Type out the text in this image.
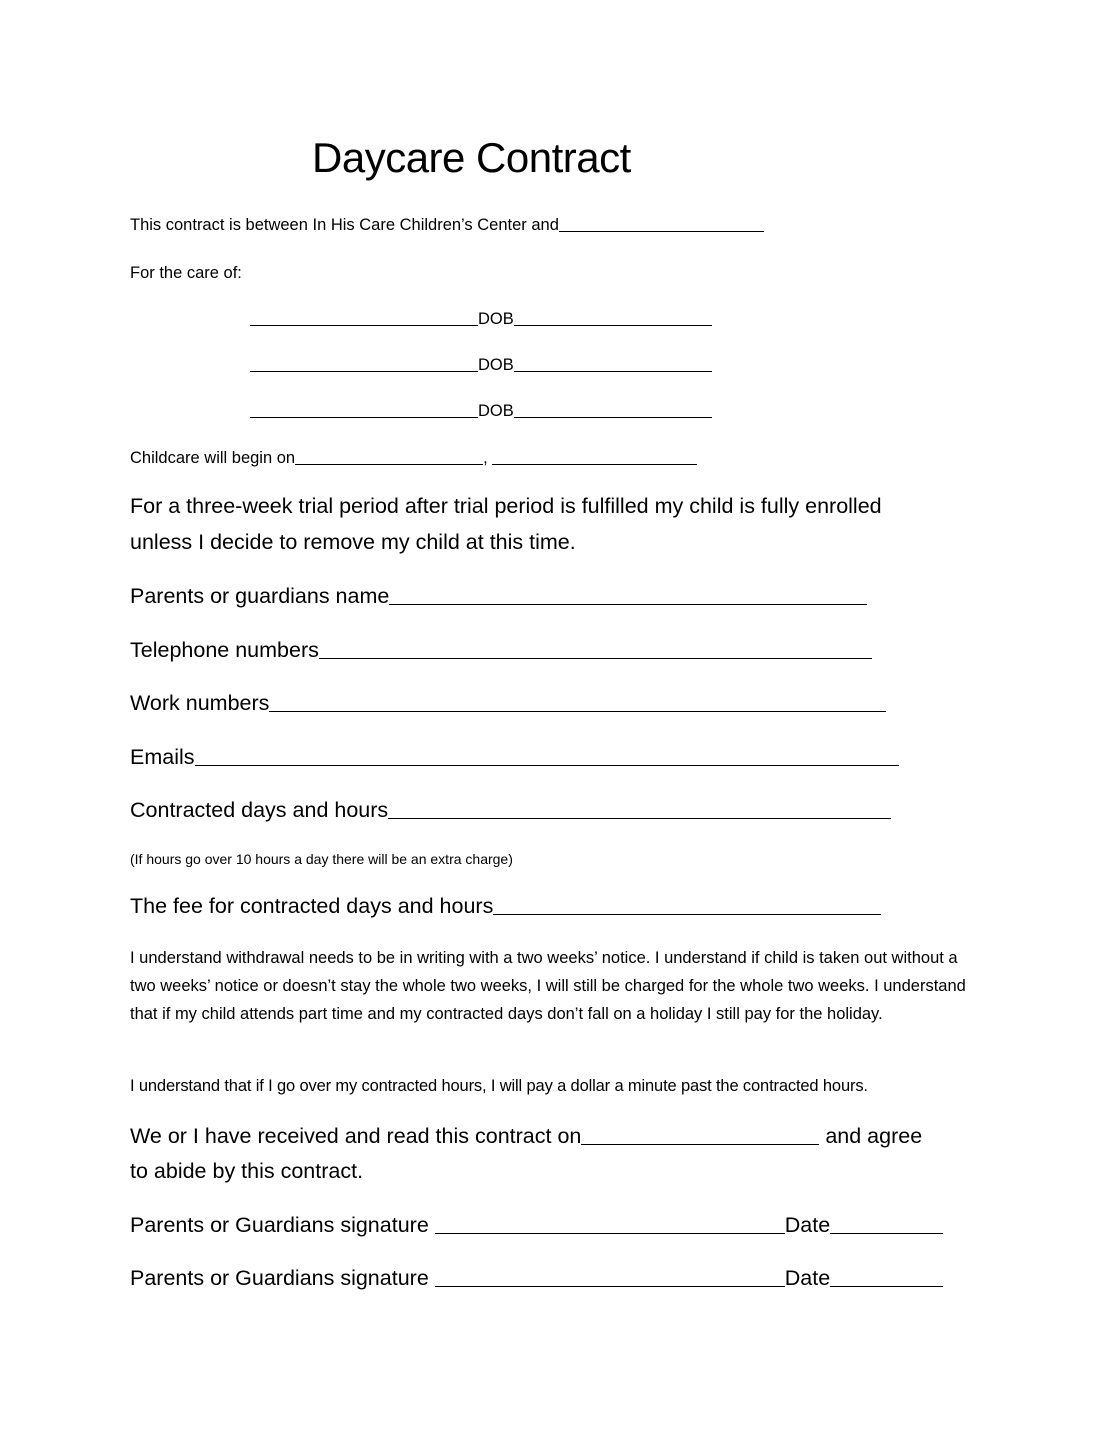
Daycare Contract
This contract is between In His Care Children’s Center and
For the care of:
DOB
DOB
DOB
Childcare will begin on	,
For a three-week trial period after trial period is fulfilled my child is fully enrolled
unless I decide to remove my child at this time.
Parents or guardians name
Telephone numbers
Work numbers
Emails
Contracted days and hours
(If hours go over 10 hours a day there will be an extra charge)
The fee for contracted days and hours
I understand withdrawal needs to be in writing with a two weeks’ notice. I understand if child is taken out without a two weeks’ notice or doesn’t stay the whole two weeks, I will still be charged for the whole two weeks. I understand that if my child attends part time and my contracted days don’t fall on a holiday I still pay for the holiday.
I understand that if I go over my contracted hours, I will pay a dollar a minute past the contracted hours.
We or I have received and read this contract on	and agree
to abide by this contract.
Parents or Guardians signature	Date
Parents or Guardians signature	Date
